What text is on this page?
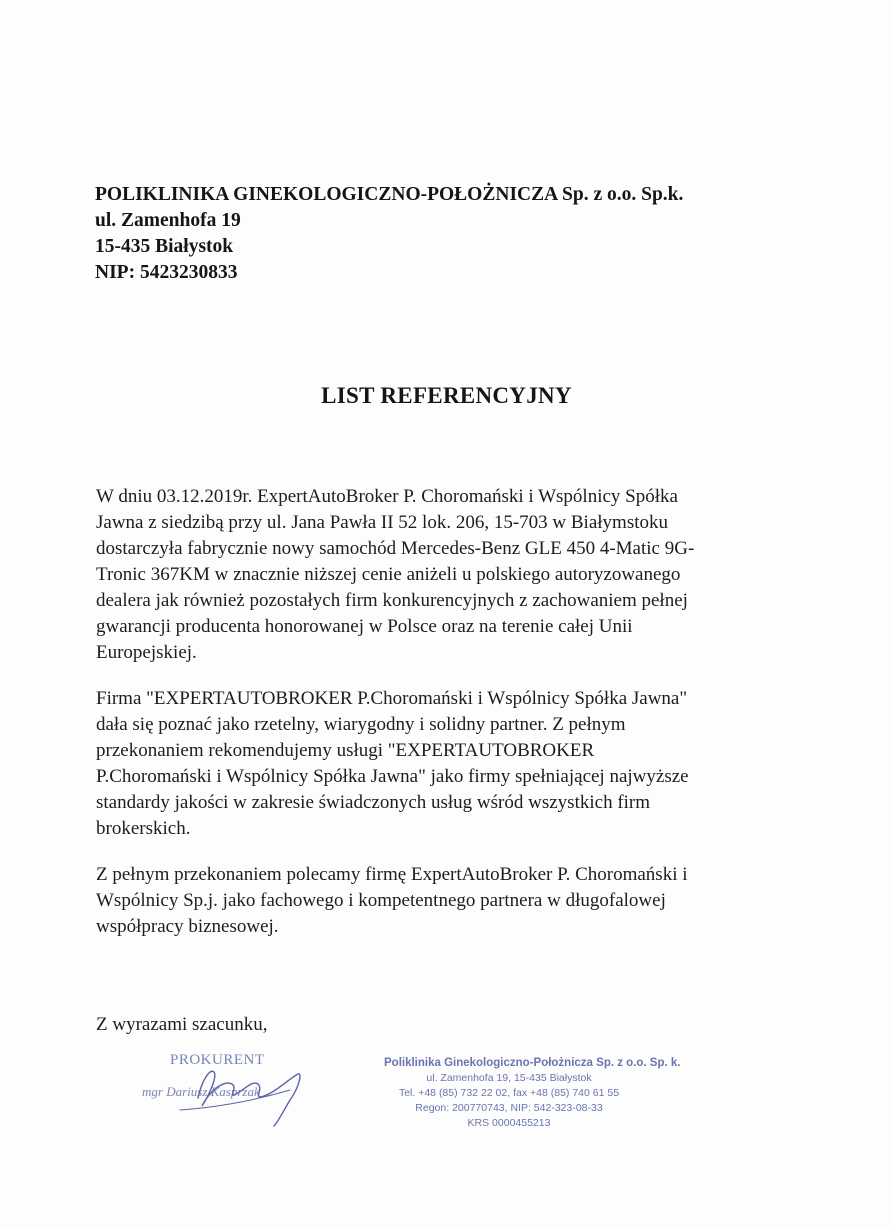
POLIKLINIKA GINEKOLOGICZNO-POŁOŻNICZA Sp. z o.o. Sp.k.
ul. Zamenhofa 19
15-435 Białystok
NIP: 5423230833
LIST REFERENCYJNY
W dniu 03.12.2019r. ExpertAutoBroker P. Choromański i Wspólnicy Spółka
Jawna z siedzibą przy ul. Jana Pawła II 52 lok. 206, 15-703 w Białymstoku
dostarczyła fabrycznie nowy samochód Mercedes-Benz GLE 450 4-Matic 9G-
Tronic 367KM w znacznie niższej cenie aniżeli u polskiego autoryzowanego
dealera jak również pozostałych firm konkurencyjnych z zachowaniem pełnej
gwarancji producenta honorowanej w Polsce oraz na terenie całej Unii
Europejskiej.
Firma "EXPERTAUTOBROKER P.Choromański i Wspólnicy Spółka Jawna"
dała się poznać jako rzetelny, wiarygodny i solidny partner. Z pełnym
przekonaniem rekomendujemy usługi "EXPERTAUTOBROKER
P.Choromański i Wspólnicy Spółka Jawna" jako firmy spełniającej najwyższe
standardy jakości w zakresie świadczonych usług wśród wszystkich firm
brokerskich.
Z pełnym przekonaniem polecamy firmę ExpertAutoBroker P. Choromański i
Wspólnicy Sp.j. jako fachowego i kompetentnego partnera w długofalowej
współpracy biznesowej.
Z wyrazami szacunku,
PROKURENT
mgr Dariusz Kasprzak
Poliklinika Ginekologiczno-Położnicza Sp. z o.o. Sp. k.
ul. Zamenhofa 19, 15-435 Białystok
Tel. +48 (85) 732 22 02, fax +48 (85) 740 61 55
Regon: 200770743, NIP: 542-323-08-33
KRS 0000455213
